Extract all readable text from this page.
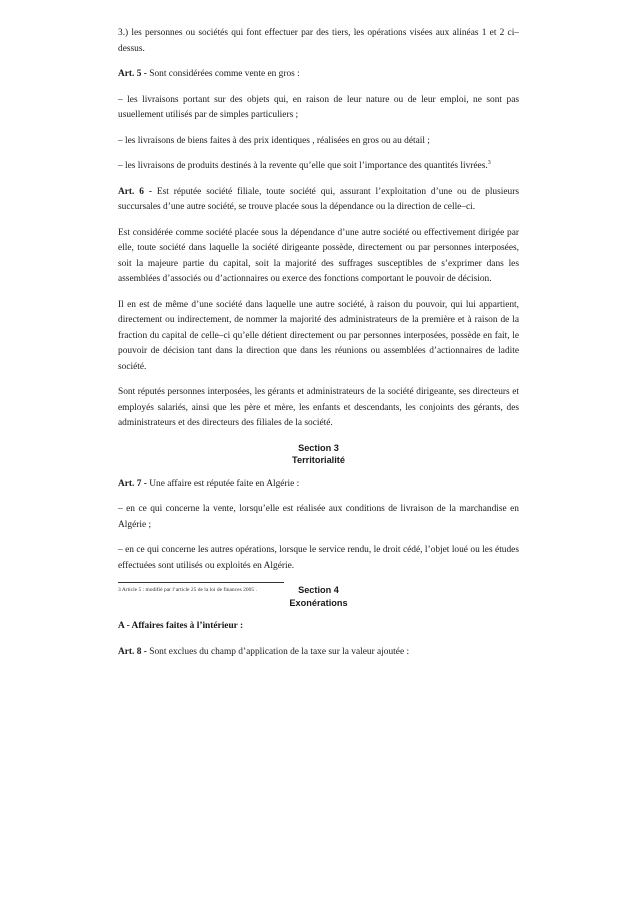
3.) les personnes ou sociétés qui font effectuer par des tiers, les opérations visées aux alinéas 1 et 2 ci–dessus.

Art. 5 - Sont considérées comme vente en gros :

– les livraisons portant sur des objets qui, en raison de leur nature ou de leur emploi, ne sont pas usuellement utilisés par de simples particuliers ;

– les livraisons de biens faites à des prix identiques , réalisées en gros ou au détail ;

– les livraisons de produits destinés à la revente qu’elle que soit l’importance des quantités livrées.$^3$

Art. 6 - Est réputée société filiale, toute société qui, assurant l’exploitation d’une ou de plusieurs succursales d’une autre société, se trouve placée sous la dépendance ou la direction de celle–ci.

Est considérée comme société placée sous la dépendance d’une autre société ou effectivement dirigée par elle, toute société dans laquelle la société dirigeante possède, directement ou par personnes interposées, soit la majeure partie du capital, soit la majorité des suffrages susceptibles de s’exprimer dans les assemblées d’associés ou d’actionnaires ou exerce des fonctions comportant le pouvoir de décision.

Il en est de même d’une société dans laquelle une autre société, à raison du pouvoir, qui lui appartient, directement ou indirectement, de nommer la majorité des administrateurs de la première et à raison de la fraction du capital de celle–ci qu’elle détient directement ou par personnes interposées, possède en fait, le pouvoir de décision tant dans la direction que dans les réunions ou assemblées d’actionnaires de ladite société.

Sont réputés personnes interposées, les gérants et administrateurs de la société dirigeante, ses directeurs et employés salariés, ainsi que les père et mère, les enfants et descendants, les conjoints des gérants, des administrateurs et des directeurs des filiales de la société.

Section 3
Territorialité

Art. 7 - Une affaire est réputée faite en Algérie :

– en ce qui concerne la vente, lorsqu’elle est réalisée aux conditions de livraison de la marchandise en Algérie ;

– en ce qui concerne les autres opérations, lorsque le service rendu, le droit cédé, l’objet loué ou les études effectuées sont utilisés ou exploités en Algérie.

Section 4
Exonérations

A - Affaires faites à l’intérieur :

Art. 8 - Sont exclues du champ d’application de la taxe sur la valeur ajoutée :

3 Article 5 : modifié par l’article 25 de la loi de finances 2005 .
